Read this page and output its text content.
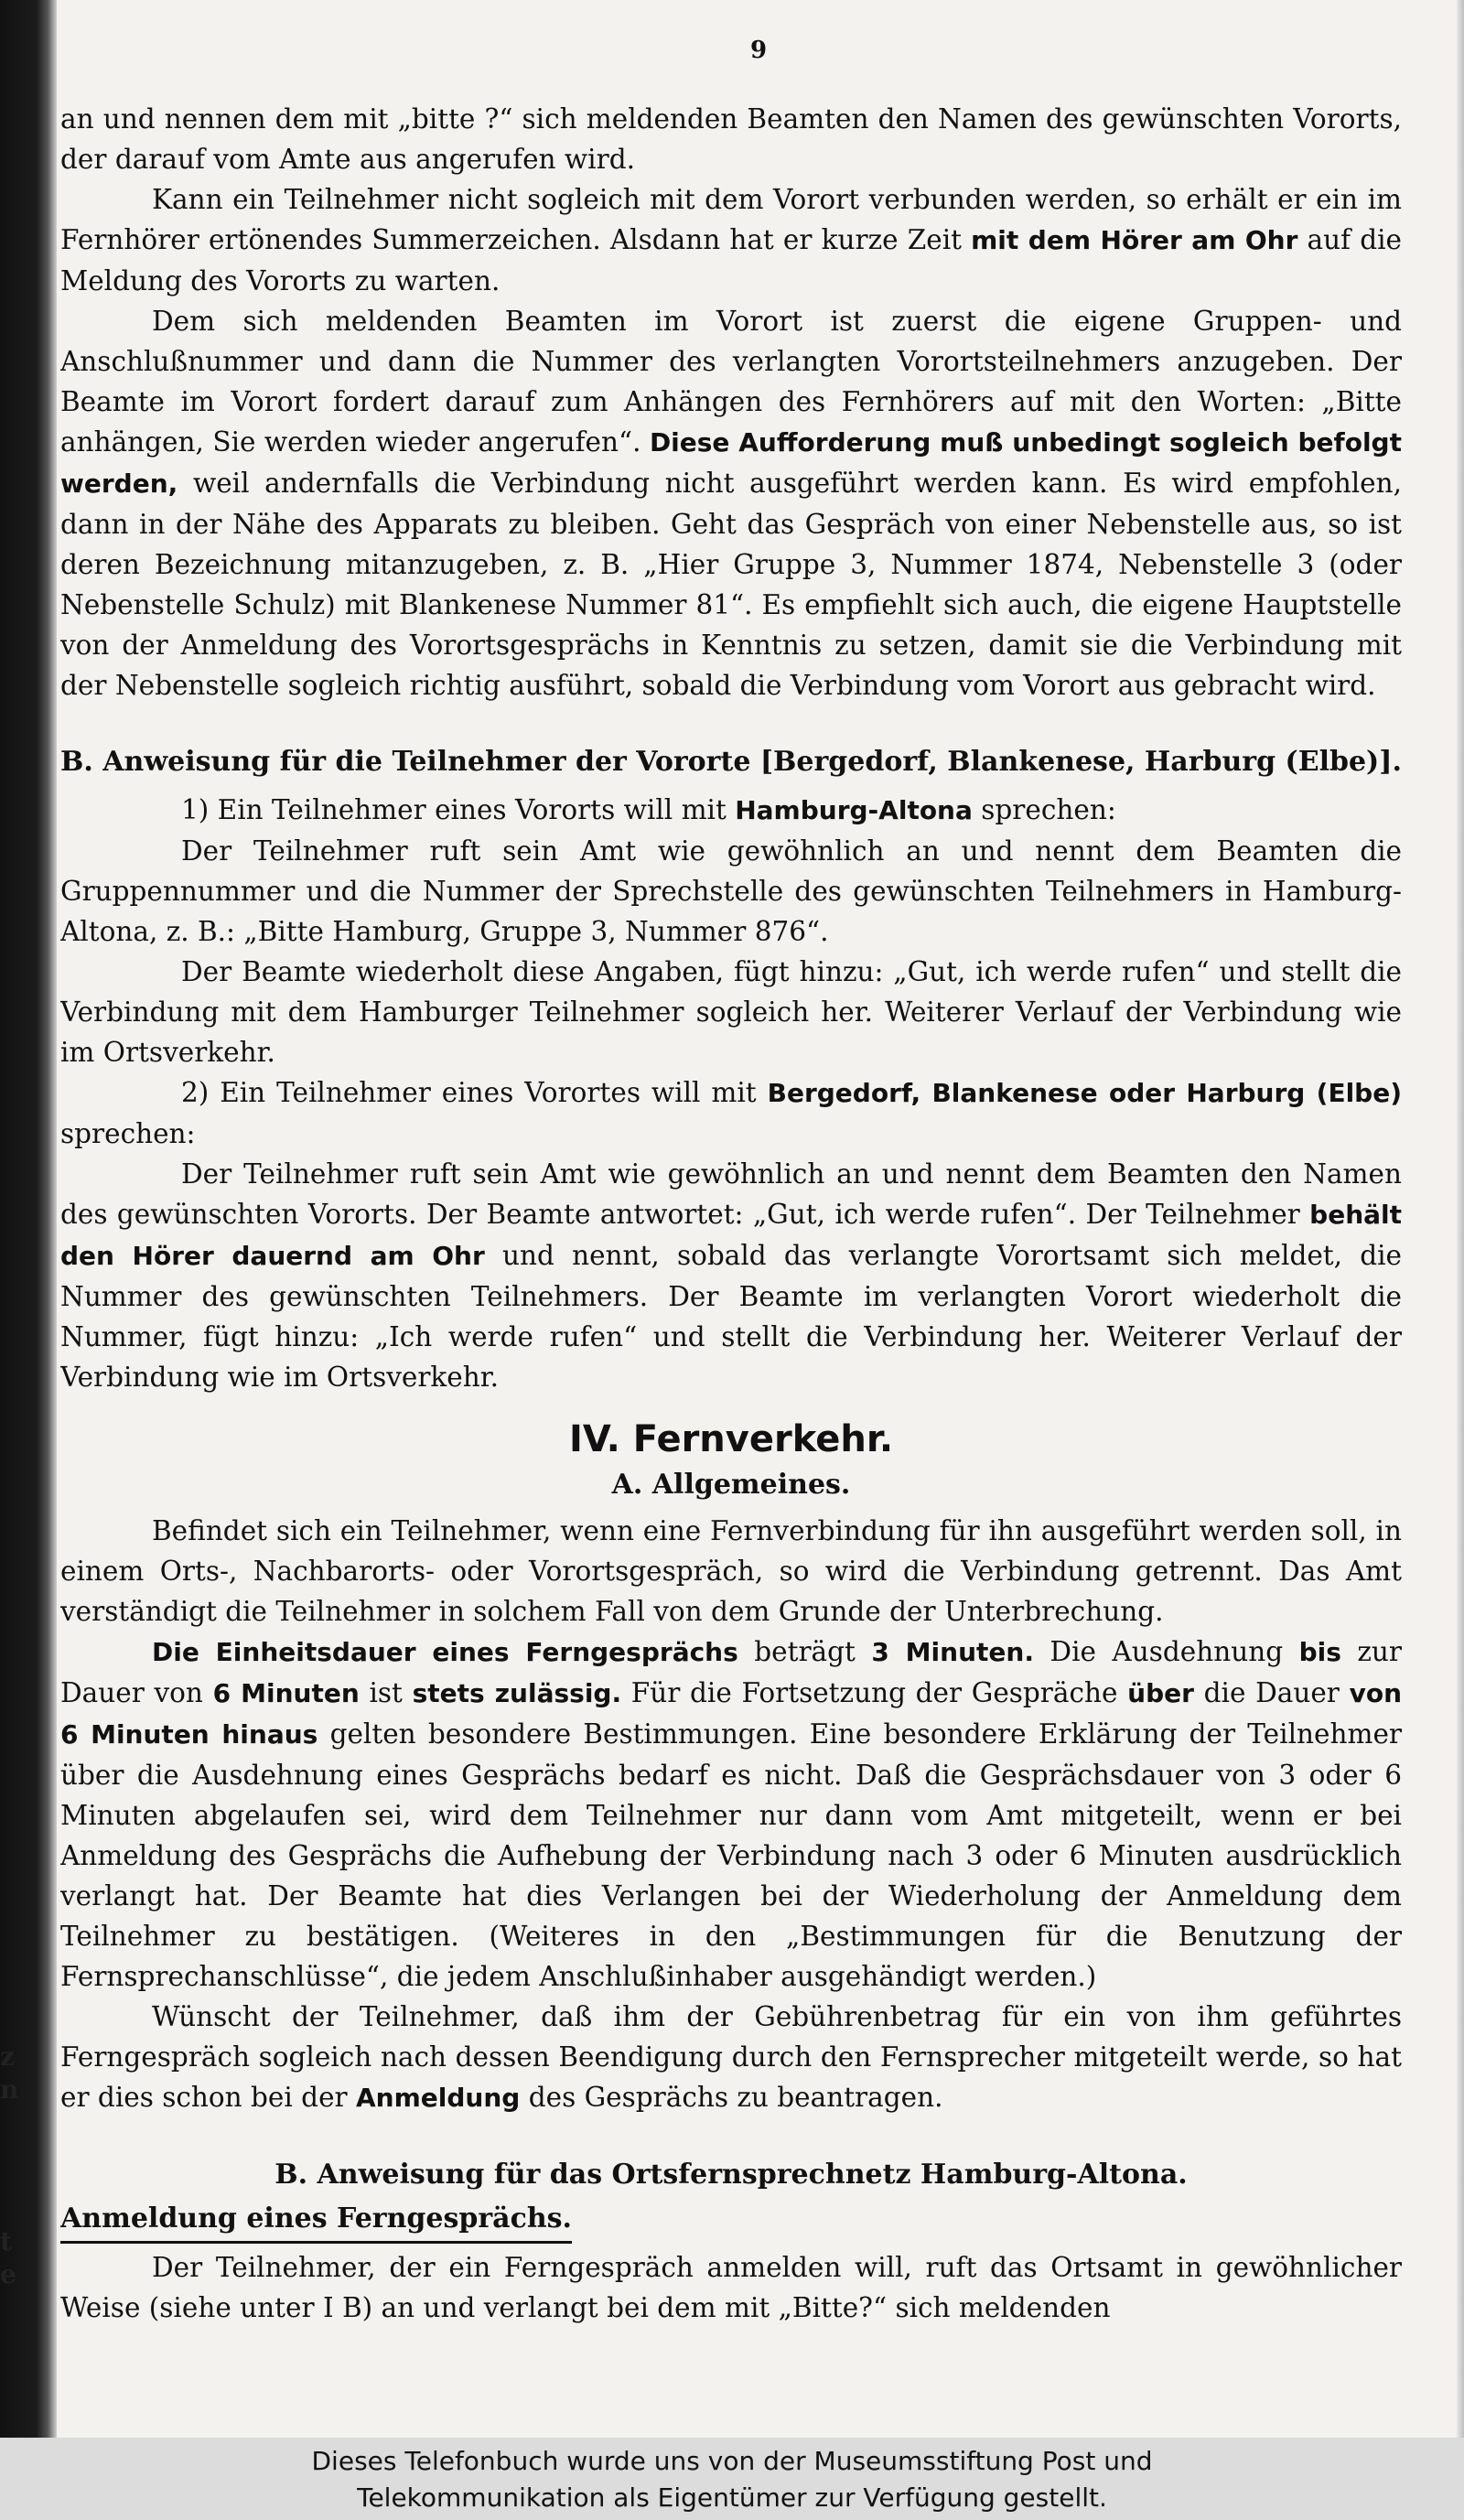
z
n
t
e
9

an und nennen dem mit „bitte ?“ sich meldenden Beamten den Namen des gewünschten Vororts, der darauf vom Amte aus angerufen wird.

Kann ein Teilnehmer nicht sogleich mit dem Vorort verbunden werden, so erhält er ein im Fernhörer ertönendes Summerzeichen. Alsdann hat er kurze Zeit mit dem Hörer am Ohr auf die Meldung des Vororts zu warten.

Dem sich meldenden Beamten im Vorort ist zuerst die eigene Gruppen- und Anschlußnummer und dann die Nummer des verlangten Vorortsteilnehmers anzugeben. Der Beamte im Vorort fordert darauf zum Anhängen des Fernhörers auf mit den Worten: „Bitte anhängen, Sie werden wieder angerufen“. Diese Aufforderung muß unbedingt sogleich befolgt werden, weil andernfalls die Verbindung nicht ausgeführt werden kann. Es wird empfohlen, dann in der Nähe des Apparats zu bleiben. Geht das Gespräch von einer Nebenstelle aus, so ist deren Bezeichnung mitanzugeben, z. B. „Hier Gruppe 3, Nummer 1874, Nebenstelle 3 (oder Nebenstelle Schulz) mit Blankenese Nummer 81“. Es empfiehlt sich auch, die eigene Hauptstelle von der Anmeldung des Vorortsgesprächs in Kenntnis zu setzen, damit sie die Verbindung mit der Nebenstelle sogleich richtig ausführt, sobald die Verbindung vom Vorort aus gebracht wird.

B. Anweisung für die Teilnehmer der Vororte [Bergedorf, Blankenese, Harburg (Elbe)].

1) Ein Teilnehmer eines Vororts will mit Hamburg-Altona sprechen:

Der Teilnehmer ruft sein Amt wie gewöhnlich an und nennt dem Beamten die Gruppennummer und die Nummer der Sprechstelle des gewünschten Teilnehmers in Hamburg-Altona, z. B.: „Bitte Hamburg, Gruppe 3, Nummer 876“.

Der Beamte wiederholt diese Angaben, fügt hinzu: „Gut, ich werde rufen“ und stellt die Verbindung mit dem Hamburger Teilnehmer sogleich her. Weiterer Verlauf der Verbindung wie im Ortsverkehr.

2) Ein Teilnehmer eines Vorortes will mit Bergedorf, Blankenese oder Harburg (Elbe) sprechen:

Der Teilnehmer ruft sein Amt wie gewöhnlich an und nennt dem Beamten den Namen des gewünschten Vororts. Der Beamte antwortet: „Gut, ich werde rufen“. Der Teilnehmer behält den Hörer dauernd am Ohr und nennt, sobald das verlangte Vorortsamt sich meldet, die Nummer des gewünschten Teilnehmers. Der Beamte im verlangten Vorort wiederholt die Nummer, fügt hinzu: „Ich werde rufen“ und stellt die Verbindung her. Weiterer Verlauf der Verbindung wie im Ortsverkehr.

IV. Fernverkehr.
A. Allgemeines.

Befindet sich ein Teilnehmer, wenn eine Fernverbindung für ihn ausgeführt werden soll, in einem Orts-, Nachbarorts- oder Vorortsgespräch, so wird die Verbindung getrennt. Das Amt verständigt die Teilnehmer in solchem Fall von dem Grunde der Unterbrechung.

Die Einheitsdauer eines Ferngesprächs beträgt 3 Minuten. Die Ausdehnung bis zur Dauer von 6 Minuten ist stets zulässig. Für die Fortsetzung der Gespräche über die Dauer von 6 Minuten hinaus gelten besondere Bestimmungen. Eine besondere Erklärung der Teilnehmer über die Ausdehnung eines Gesprächs bedarf es nicht. Daß die Gesprächsdauer von 3 oder 6 Minuten abgelaufen sei, wird dem Teilnehmer nur dann vom Amt mitgeteilt, wenn er bei Anmeldung des Gesprächs die Aufhebung der Verbindung nach 3 oder 6 Minuten ausdrücklich verlangt hat. Der Beamte hat dies Verlangen bei der Wiederholung der Anmeldung dem Teilnehmer zu bestätigen. (Weiteres in den „Bestimmungen für die Benutzung der Fernsprechanschlüsse“, die jedem Anschlußinhaber ausgehändigt werden.)

Wünscht der Teilnehmer, daß ihm der Gebührenbetrag für ein von ihm geführtes Ferngespräch sogleich nach dessen Beendigung durch den Fernsprecher mitgeteilt werde, so hat er dies schon bei der Anmeldung des Gesprächs zu beantragen.

B. Anweisung für das Ortsfernsprechnetz Hamburg-Altona.
Anmeldung eines Ferngesprächs.

Der Teilnehmer, der ein Ferngespräch anmelden will, ruft das Ortsamt in gewöhnlicher Weise (siehe unter I B) an und verlangt bei dem mit „Bitte?“ sich meldenden

Dieses Telefonbuch wurde uns von der Museumsstiftung Post und
Telekommunikation als Eigentümer zur Verfügung gestellt.
